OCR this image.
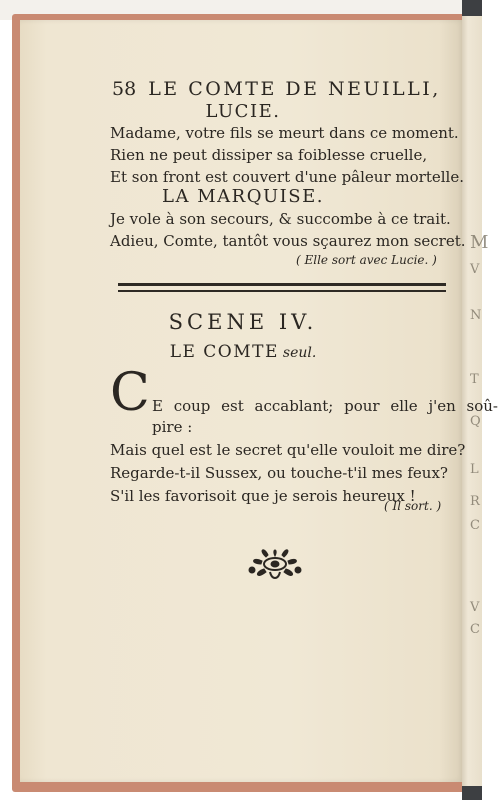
M
V
N
Q
T
L
R
C
V
C
58 LE COMTE DE NEUILLI,
LUCIE.
Madame, votre fils se meurt dans ce moment.
Rien ne peut dissiper sa foiblesse cruelle,
Et son front est couvert d'une pâleur mortelle.
LA MARQUISE.
Je vole à son secours, & succombe à ce trait.
Adieu, Comte, tantôt vous sçaurez mon secret.
( Elle sort avec Lucie. )
SCENE IV.
LE COMTE seul.
C E coup est accablant; pour elle j'en soû-
pire :
Mais quel est le secret qu'elle vouloit me dire?
Regarde-t-il Sussex, ou touche-t'il mes feux?
S'il les favorisoit que je serois heureux !
( Il sort. )
